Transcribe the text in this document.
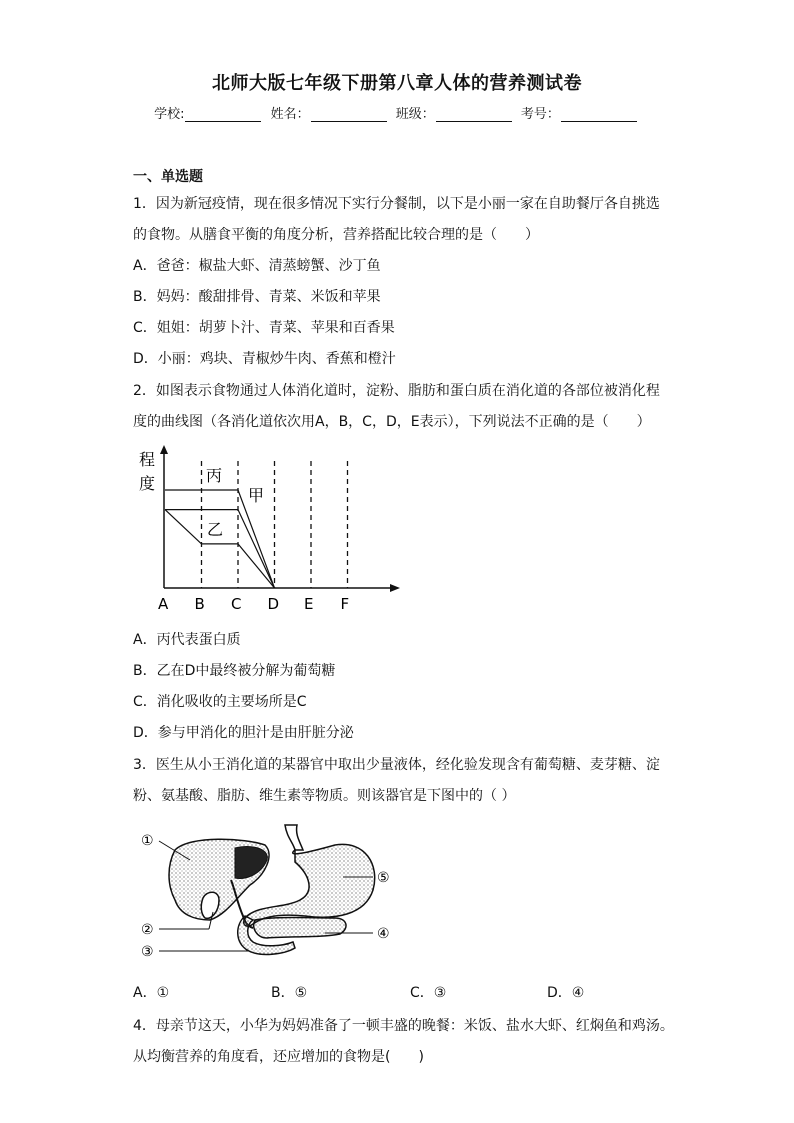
北师大版七年级下册第八章人体的营养测试卷
学校:	姓名：	班级：	考号：
一、单选题
1．因为新冠疫情，现在很多情况下实行分餐制，以下是小丽一家在自助餐厅各自挑选
的食物。从膳食平衡的角度分析，营养搭配比较合理的是（　　）
A．爸爸：椒盐大虾、清蒸螃蟹、沙丁鱼
B．妈妈：酸甜排骨、青菜、米饭和苹果
C．姐姐：胡萝卜汁、青菜、苹果和百香果
D．小丽：鸡块、青椒炒牛肉、香蕉和橙汁
2．如图表示食物通过人体消化道时，淀粉、脂肪和蛋白质在消化道的各部位被消化程
度的曲线图（各消化道依次用A，B，C，D，E表示），下列说法不正确的是（　　）
程
度	丙
甲
乙
A B C D E F
A．丙代表蛋白质
B．乙在D中最终被分解为葡萄糖
C．消化吸收的主要场所是C
D．参与甲消化的胆汁是由肝脏分泌
3．医生从小王消化道的某器官中取出少量液体，经化验发现含有葡萄糖、麦芽糖、淀
粉、氨基酸、脂肪、维生素等物质。则该器官是下图中的（ ）
①
⑤
②	④
③
A．①	B．⑤	C．③	D．④
4．母亲节这天，小华为妈妈准备了一顿丰盛的晚餐：米饭、盐水大虾、红焖鱼和鸡汤。
从均衡营养的角度看，还应增加的食物是(　　)
